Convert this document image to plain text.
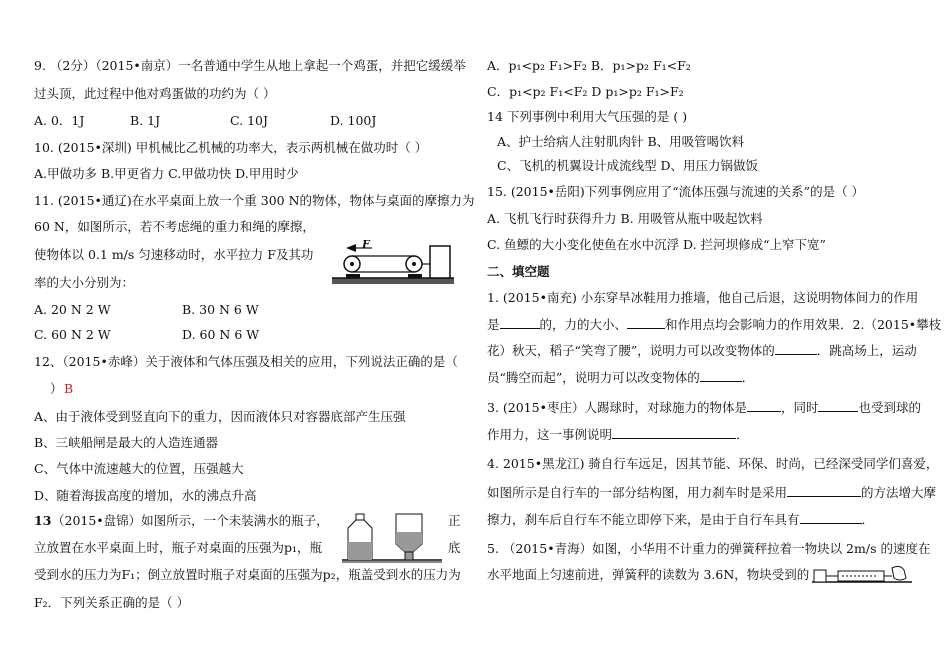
9. （2分）（2015•南京）一名普通中学生从地上拿起一个鸡蛋，并把它缓缓举
过头顶，此过程中他对鸡蛋做的功约为（ ）
A. 0．1J	B. 1J	C. 10J	D. 100J
10. (2015•深圳) 甲机械比乙机械的功率大，表示两机械在做功时（ ）
A.甲做功多 B.甲更省力 C.甲做功快 D.甲用时少
11. (2015•通辽)在水平桌面上放一个重 300 N的物体，物体与桌面的摩擦力为
60 N，如图所示，若不考虑绳的重力和绳的摩擦，
使物体以 0.1 m/s 匀速移动时，水平拉力 F及其功
率的大小分别为：
F
A. 20 N 2 W	B. 30 N 6 W
C. 60 N 2 W	D. 60 N 6 W
12、（2015•赤峰）关于液体和气体压强及相关的应用，下列说法正确的是（
） B
A、由于液体受到竖直向下的重力，因而液体只对容器底部产生压强
B、三峡船闸是最大的人造连通器
C、气体中流速越大的位置，压强越大
D、随着海拔高度的增加，水的沸点升高
13 （2015•盘锦）如图所示，一个未装满水的瓶子，	正
立放置在水平桌面上时，瓶子对桌面的压强为p₁，瓶	底
受到水的压力为F₁；倒立放置时瓶子对桌面的压强为p₂，瓶盖受到水的压力为
F₂．下列关系正确的是（ ）
A．p₁<p₂ F₁>F₂ B．p₁>p₂ F₁<F₂
C．p₁<p₂ F₁<F₂ D p₁>p₂ F₁>F₂
14 下列事例中利用大气压强的是 ( )
A、护士给病人注射肌肉针 B、用吸管喝饮料
C、飞机的机翼设计成流线型 D、用压力锅做饭
15. (2015•岳阳)下列事例应用了“流体压强与流速的关系”的是（ ）
A. 飞机飞行时获得升力 B. 用吸管从瓶中吸起饮料
C. 鱼鳔的大小变化使鱼在水中沉浮 D. 拦河坝修成“上窄下宽”
二、填空题
1. (2015•南充) 小东穿旱冰鞋用力推墙，他自己后退，这说明物体间力的作用
是	的，力的大小、	和作用点均会影响力的作用效果．2.（2015•攀枝
花）秋天，稻子“笑弯了腰”，说明力可以改变物体的	．跳高场上，运动
员“腾空而起”，说明力可以改变物体的	．
3. (2015•枣庄）人踢球时，对球施力的物体是	，同时	也受到球的
作用力，这一事例说明	．
4. 2015•黑龙江) 骑自行车远足，因其节能、环保、时尚，已经深受同学们喜爱，
如图所示是自行车的一部分结构图，用力刹车时是采用	的方法增大摩
擦力，刹车后自行车不能立即停下来，是由于自行车具有	．
5. （2015•青海）如图，小华用不计重力的弹簧秤拉着一物块以 2m/s 的速度在
水平地面上匀速前进，弹簧秤的读数为 3.6N，物块受到的
